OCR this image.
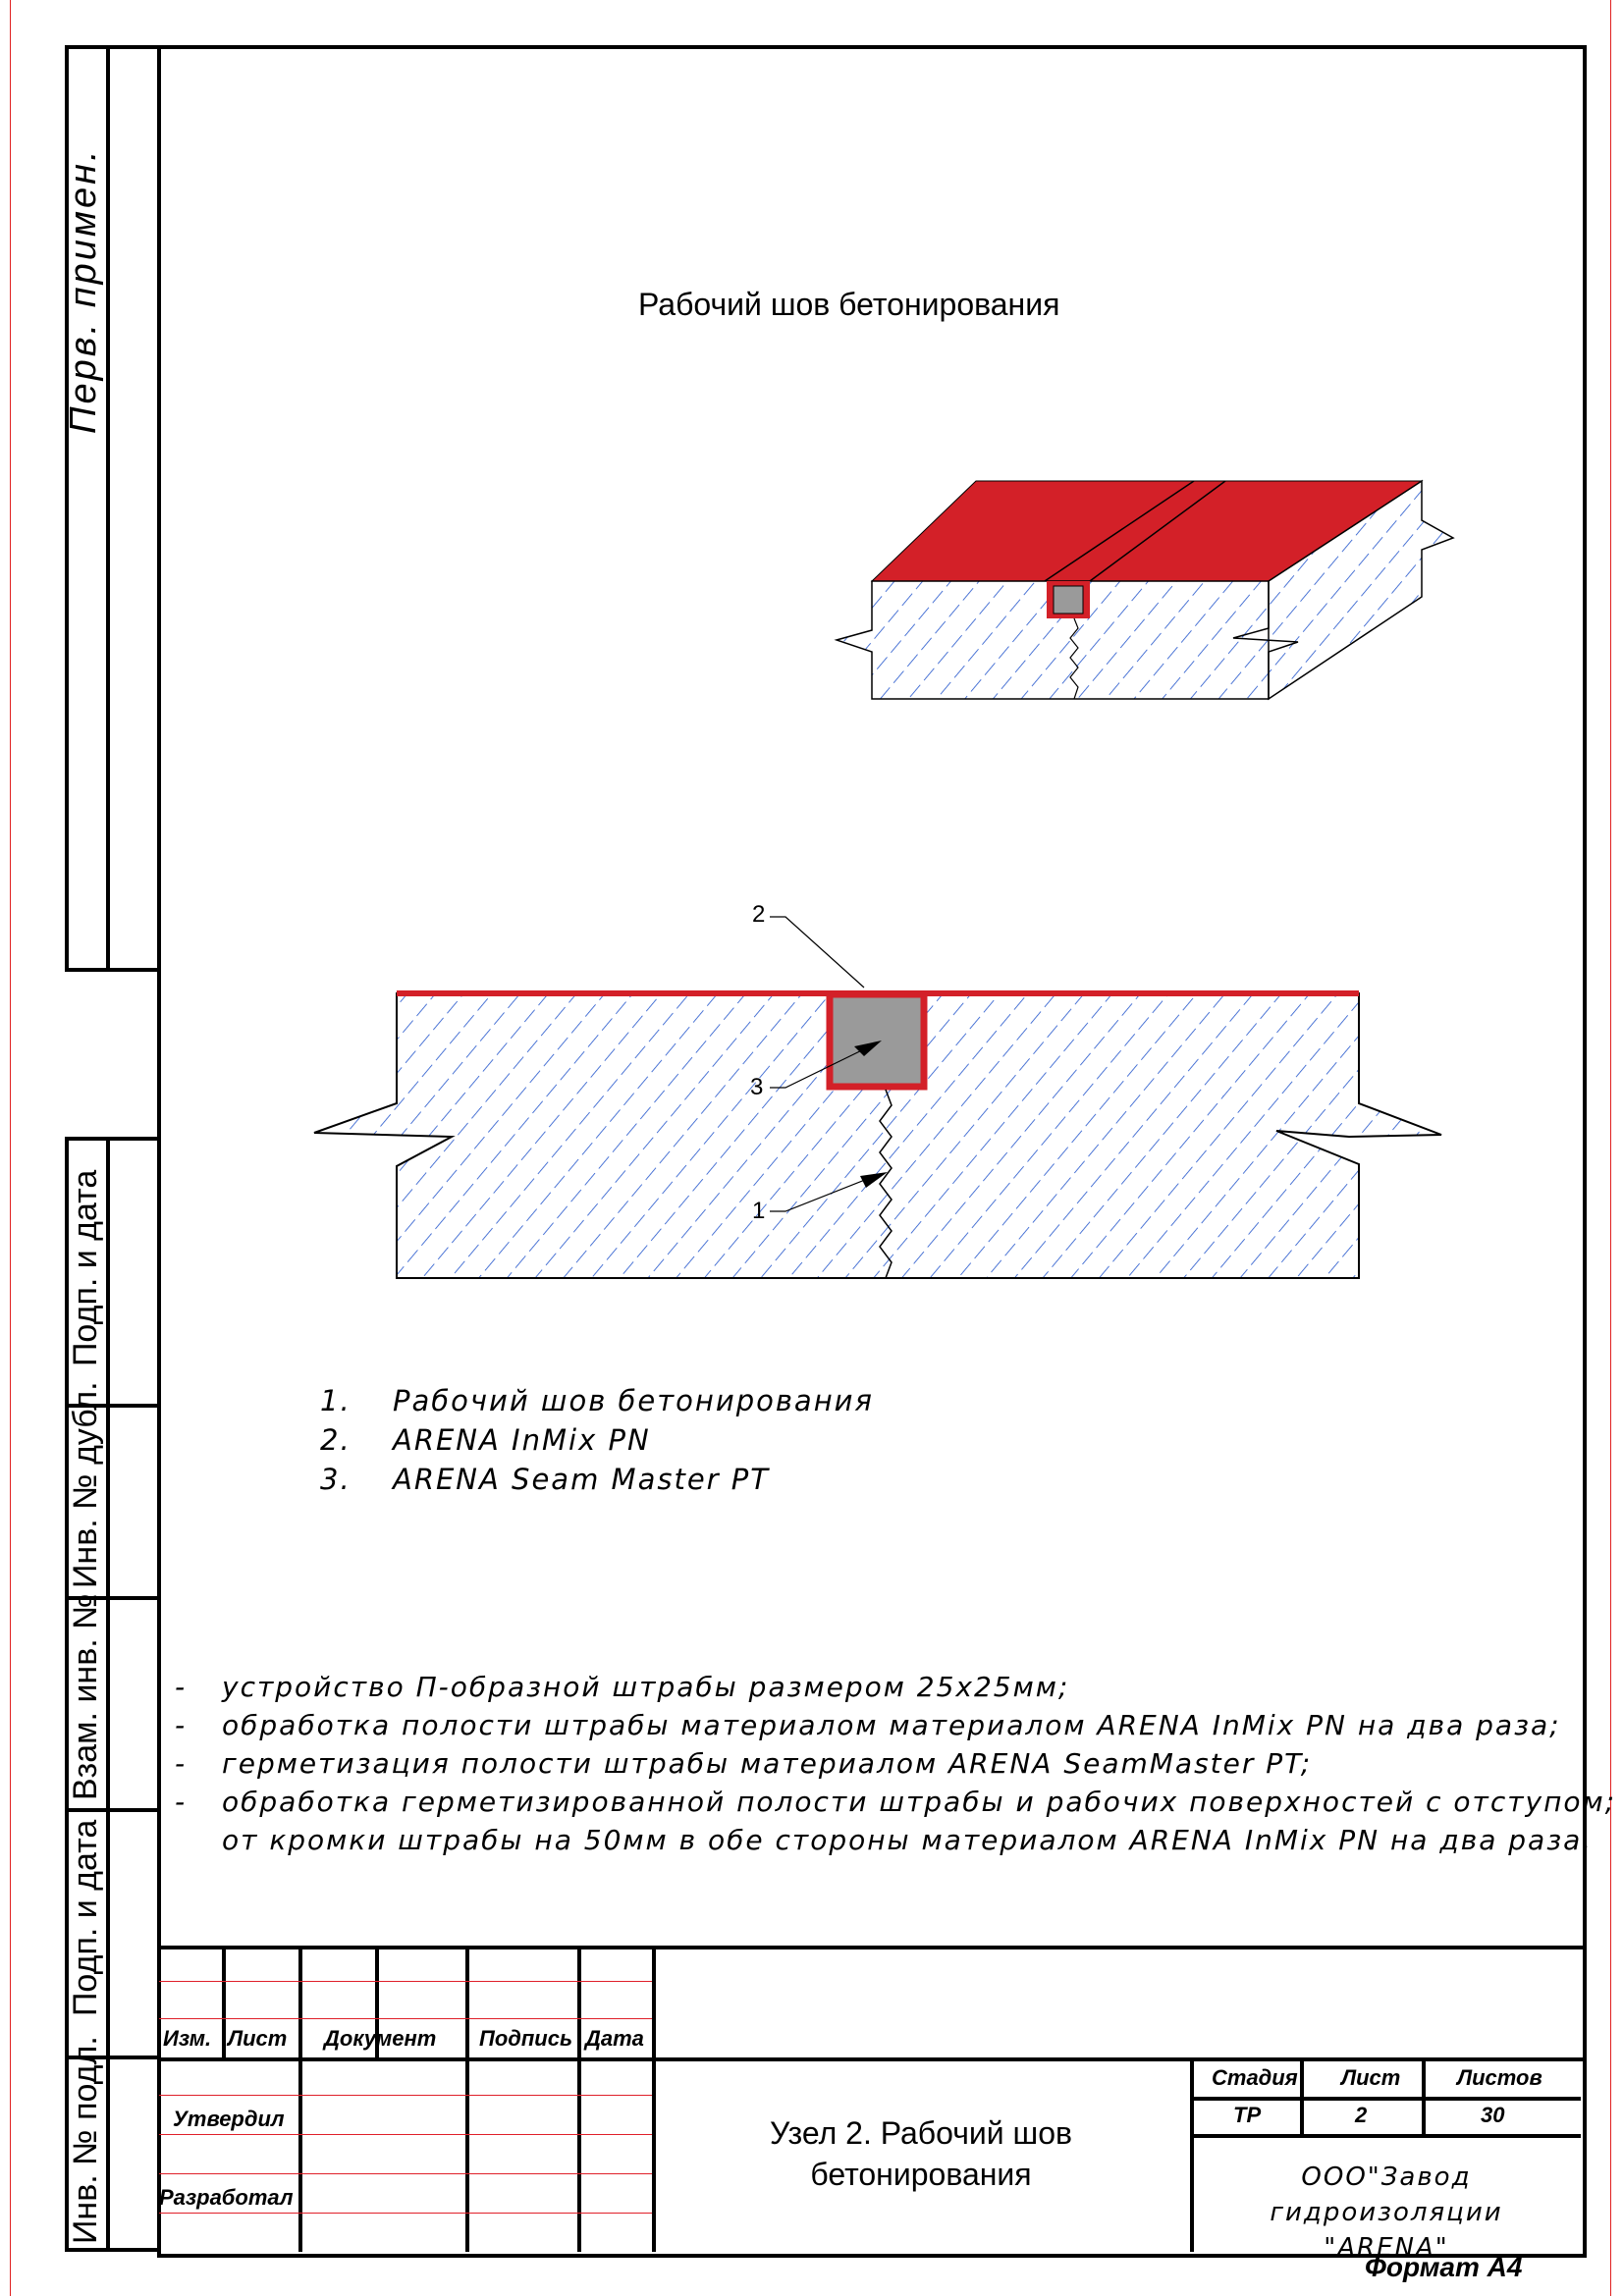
Перв. примен.
Подп. и дата
Инв. № дубл.
Взам. инв. №
Подп. и дата
Инв. № подл.
Рабочий шов бетонирования
2
3
1
1. Рабочий шов бетонирования
2. ARENA InMix PN
3. ARENA Seam Master PT
- устройство П-образной штрабы размером 25х25мм;
- обработка полости штрабы материалом материалом ARENA InMix PN на два раза;
- герметизация полости штрабы материалом ARENA SeamMaster PT;
- обработка герметизированной полости штрабы и рабочих поверхностей с отступом;
от кромки штрабы на 50мм в обе стороны материалом ARENA InMix PN на два раза.
Изм. Лист Документ Подпись Дата
Утвердил
Разработал
Узел 2. Рабочий шов
бетонирования
Стадия Лист	Листов
ТР	2	30
ООО"Завод гидроизоляции
"ARENA"
Формат А4
